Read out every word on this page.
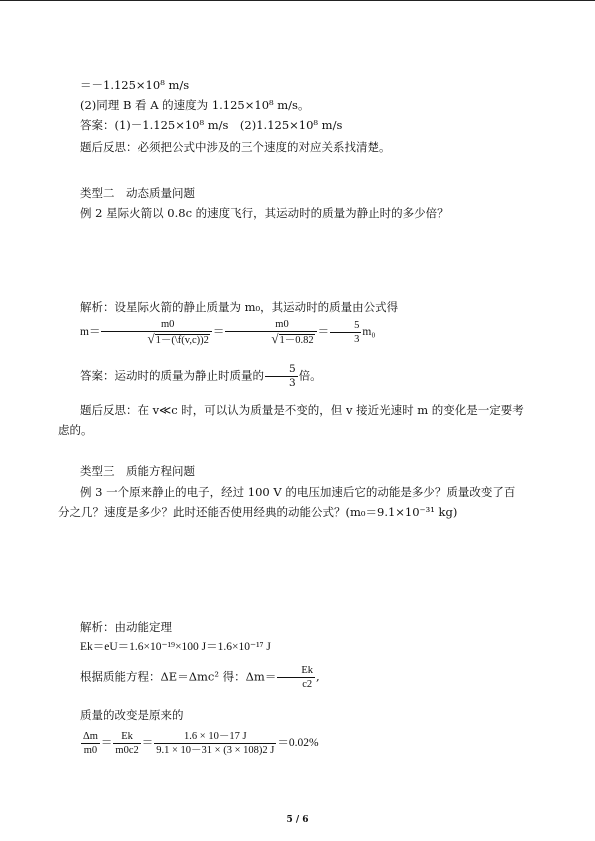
＝－1.125×10⁸ m/s
(2)同理 B 看 A 的速度为 1.125×10⁸ m/s。
答案：(1)－1.125×10⁸ m/s　(2)1.125×10⁸ m/s
题后反思：必须把公式中涉及的三个速度的对应关系找清楚。
类型二　动态质量问题
例 2 星际火箭以 0.8c 的速度飞行，其运动时的质量为静止时的多少倍？
解析：设星际火箭的静止质量为 m₀，其运动时的质量由公式得
$m= \frac{m0}{√1-(\backslash f(v,c))2} = \frac{m0}{√1-0.82} = \frac{5}{3} m_0$
答案：运动时的质量为静止时质量的 $\frac{5}{3}$ 倍。
题后反思：在 v≪c 时，可以认为质量是不变的，但 v 接近光速时 m 的变化是一定要考虑的。
类型三　质能方程问题
例 3 一个原来静止的电子，经过 100 V 的电压加速后它的动能是多少？质量改变了百分之几？速度是多少？此时还能否使用经典的动能公式？(m₀＝9.1×10⁻³¹ kg)
解析：由动能定理
Ek＝eU＝1.6×10⁻¹⁹×100 J＝1.6×10⁻¹⁷ J
根据质能方程：ΔE＝Δmc² 得：$\Delta m= \frac{Ek}{c2}$ ,
质量的改变是原来的
$\frac{\Delta m}{m0} = \frac{Ek}{m0c2} = \frac{1.6 \times 10-17 J}{9.1 \times 10-31 \times (3 \times 108)2 J} =0.02\%$
5 / 6
